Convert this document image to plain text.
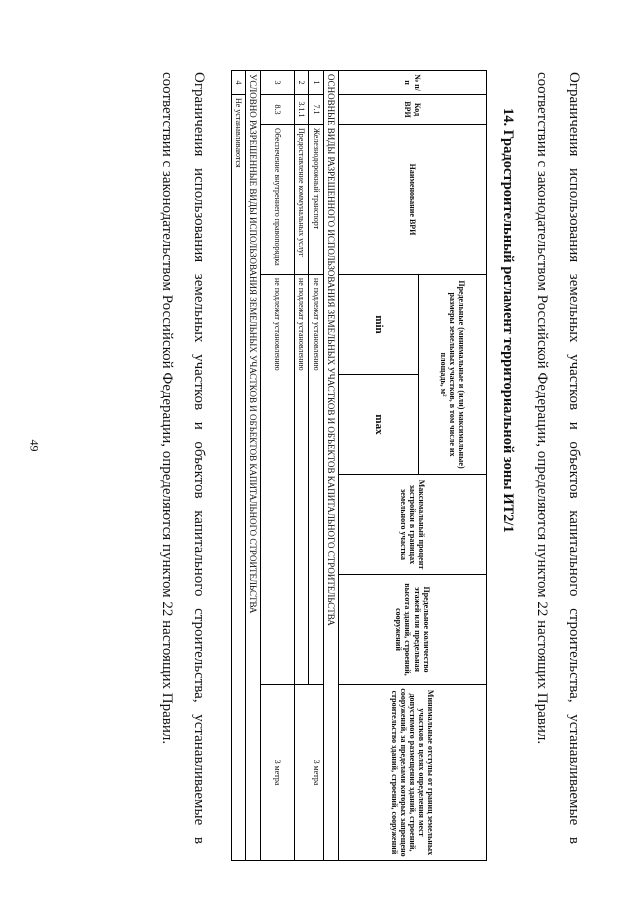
49	Ограничения использования земельных участков и объектов капитального строительства, устанавливаемые в соответствии с законодательством Российской Федерации, определяются пунктом 22 настоящих Правил.

14. Градостроительный регламент территориальной зоны ИТ2/1
№ п/п	Код ВРИ	Наименование ВРИ	Предельные (минимальные и (или) максимальные) размеры земельных участков, в том числе их площадь, м²		Максимальный процент застройки в границах земельного участка	Предельное количество этажей или предельная высота зданий, строений, сооружений	Минимальные отступы от границ земельных участков в целях определения мест допустимого размещения зданий, строений, сооружений, за пределами которых запрещено строительство зданий, строений, сооружений
			min	max			
ОСНОВНЫЕ ВИДЫ РАЗРЕШЕННОГО ИСПОЛЬЗОВАНИЯ ЗЕМЕЛЬНЫХ УЧАСТКОВ И ОБЪЕКТОВ КАПИТАЛЬНОГО СТРОИТЕЛЬСТВА							
1	7.1	Железнодорожный транспорт	не подлежат установлению				3 метра
2	3.1.1	Предоставление коммунальных услуг	не подлежат установлению				
3	8.3	Обеспечение внутреннего правопорядка	не подлежат установлению				3 метра
УСЛОВНО РАЗРЕШЕННЫЕ ВИДЫ ИСПОЛЬЗОВАНИЯ ЗЕМЕЛЬНЫХ УЧАСТКОВ И ОБЪЕКТОВ КАПИТАЛЬНОГО СТРОИТЕЛЬСТВА							
4	Не устанавливаются						

Ограничения использования земельных участков и объектов капитального строительства, устанавливаемые в соответствии с законодательством Российской Федерации, определяются пунктом 22 настоящих Правил.
